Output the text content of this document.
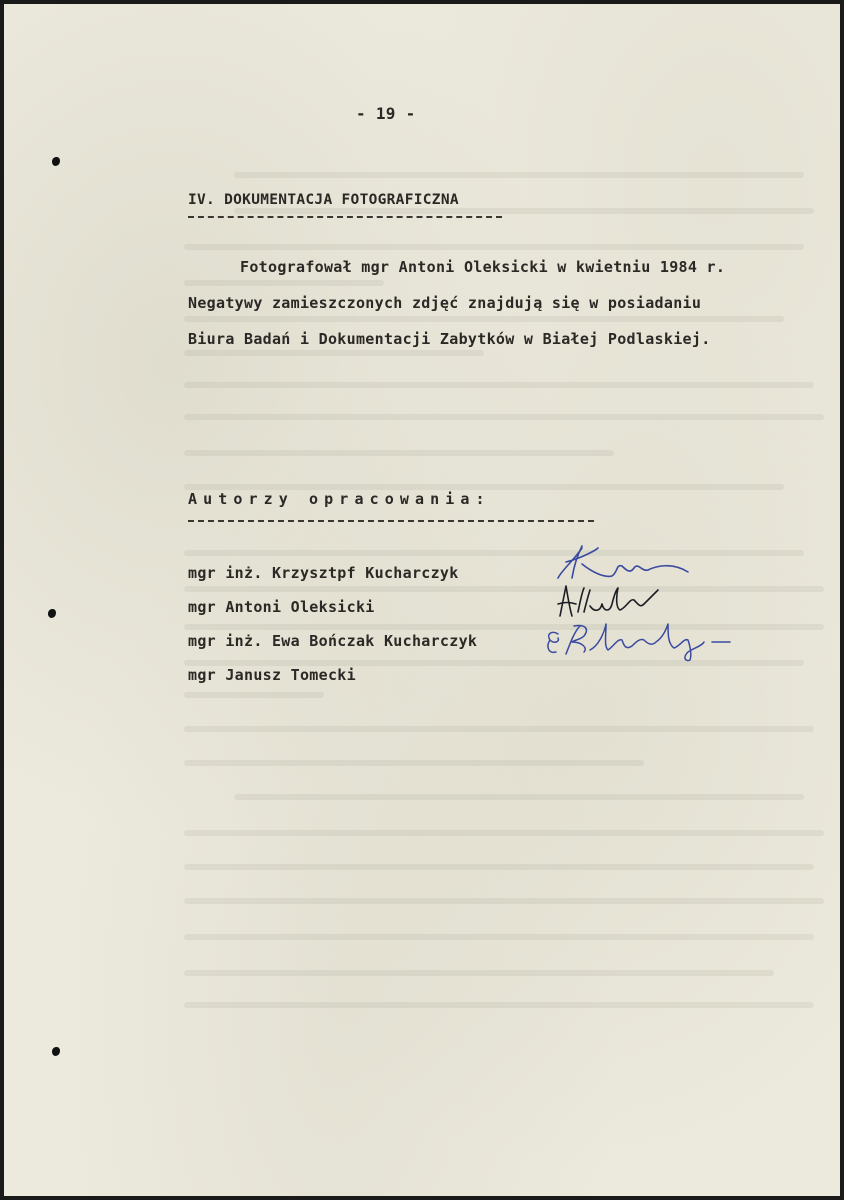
- 19 -
IV. DOKUMENTACJA FOTOGRAFICZNA
Fotografował mgr Antoni Oleksicki w kwietniu 1984 r.
Negatywy zamieszczonych zdjęć znajdują się w posiadaniu
Biura Badań i Dokumentacji Zabytków w Białej Podlaskiej.
Autorzy opracowania:
mgr inż. Krzysztpf Kucharczyk
mgr Antoni Oleksicki
mgr inż. Ewa Bończak Kucharczyk
mgr Janusz Tomecki
